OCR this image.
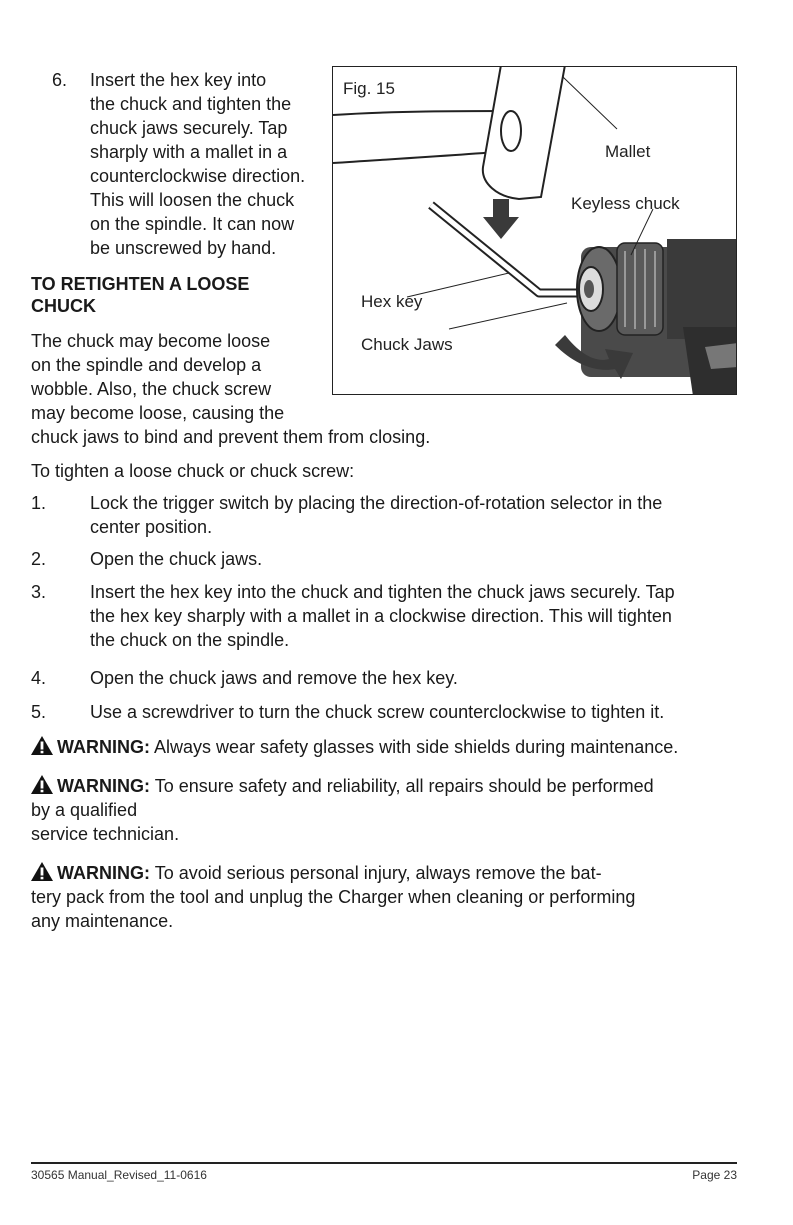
6. Insert the hex key into

the chuck and tighten the

chuck jaws securely. Tap

sharply with a mallet in a

counterclockwise direction.

This will loosen the chuck

on the spindle. It can now

be unscrewed by hand.

TO RETIGHTEN A LOOSE

CHUCK

The chuck may become loose

on the spindle and develop a

wobble. Also, the chuck screw

may become loose, causing the

chuck jaws to bind and prevent them from closing.

Fig. 15
Mallet
Keyless chuck
Hex key
Chuck Jaws

To tighten a loose chuck or chuck screw:

1. Lock the trigger switch by placing the direction-of-rotation selector in the

center position.

2. Open the chuck jaws.

3. Insert the hex key into the chuck and tighten the chuck jaws securely. Tap

the hex key sharply with a mallet in a clockwise direction. This will tighten

the chuck on the spindle.

4. Open the chuck jaws and remove the hex key.

5. Use a screwdriver to turn the chuck screw counterclockwise to tighten it.

WARNING: Always wear safety glasses with side shields during maintenance.

WARNING: To ensure safety and reliability, all repairs should be performed

by a qualified

service technician.

WARNING: To avoid serious personal injury, always remove the bat-

tery pack from the tool and unplug the Charger when cleaning or performing

any maintenance.

30565 Manual_Revised_11-0616	Page 23
